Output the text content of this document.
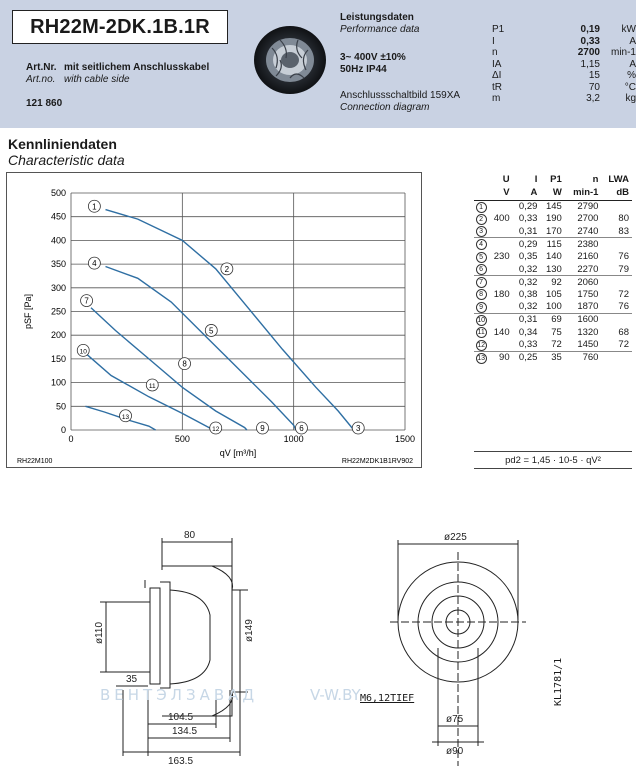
RH22M-2DK.1B.1R
Art.Nr. mit seitlichem Anschlusskabel
Art.no. with cable side
121 860
Leistungsdaten
Performance data
3~ 400V ±10%
50Hz IP44
Anschlussschaltbild 159XA
Connection diagram
P1	0,19	kW
I	0,33	A
n	2700	min-1
IA	1,15	A
ΔI	15	%
tR	70	°C
m	3,2	kg
Kennliniendaten
Characteristic data
0	500	1000	1500
0
50
100
150
200
250
300
350
400
450
500
qV [m³/h]
pSF [Pa]
RH22M100	RH22M2DK1B1RV902
1
2
4
5
7
8
10
11
13
3
6
9
12
	U	I	P1	n	LWA
	V	A	W	min-1	dB
1		0,29	145	2790	
2	400	0,33	190	2700	80
3		0,31	170	2740	83
4		0,29	115	2380	
5	230	0,35	140	2160	76
6		0,32	130	2270	79
7		0,32	92	2060	
8	180	0,38	105	1750	72
9		0,32	100	1870	76
10		0,31	69	1600	
11	140	0,34	75	1320	68
12		0,33	72	1450	72
13	90	0,25	35	760	
pd2 = 1,45 · 10-5 · qV²
80
ø149
ø110
35
104.5
134.5
163.5
ø225
ø75
ø90
ВЕНТЭЛЗАВАД	V-W.BY M6,12TIEF	KL1781/1
